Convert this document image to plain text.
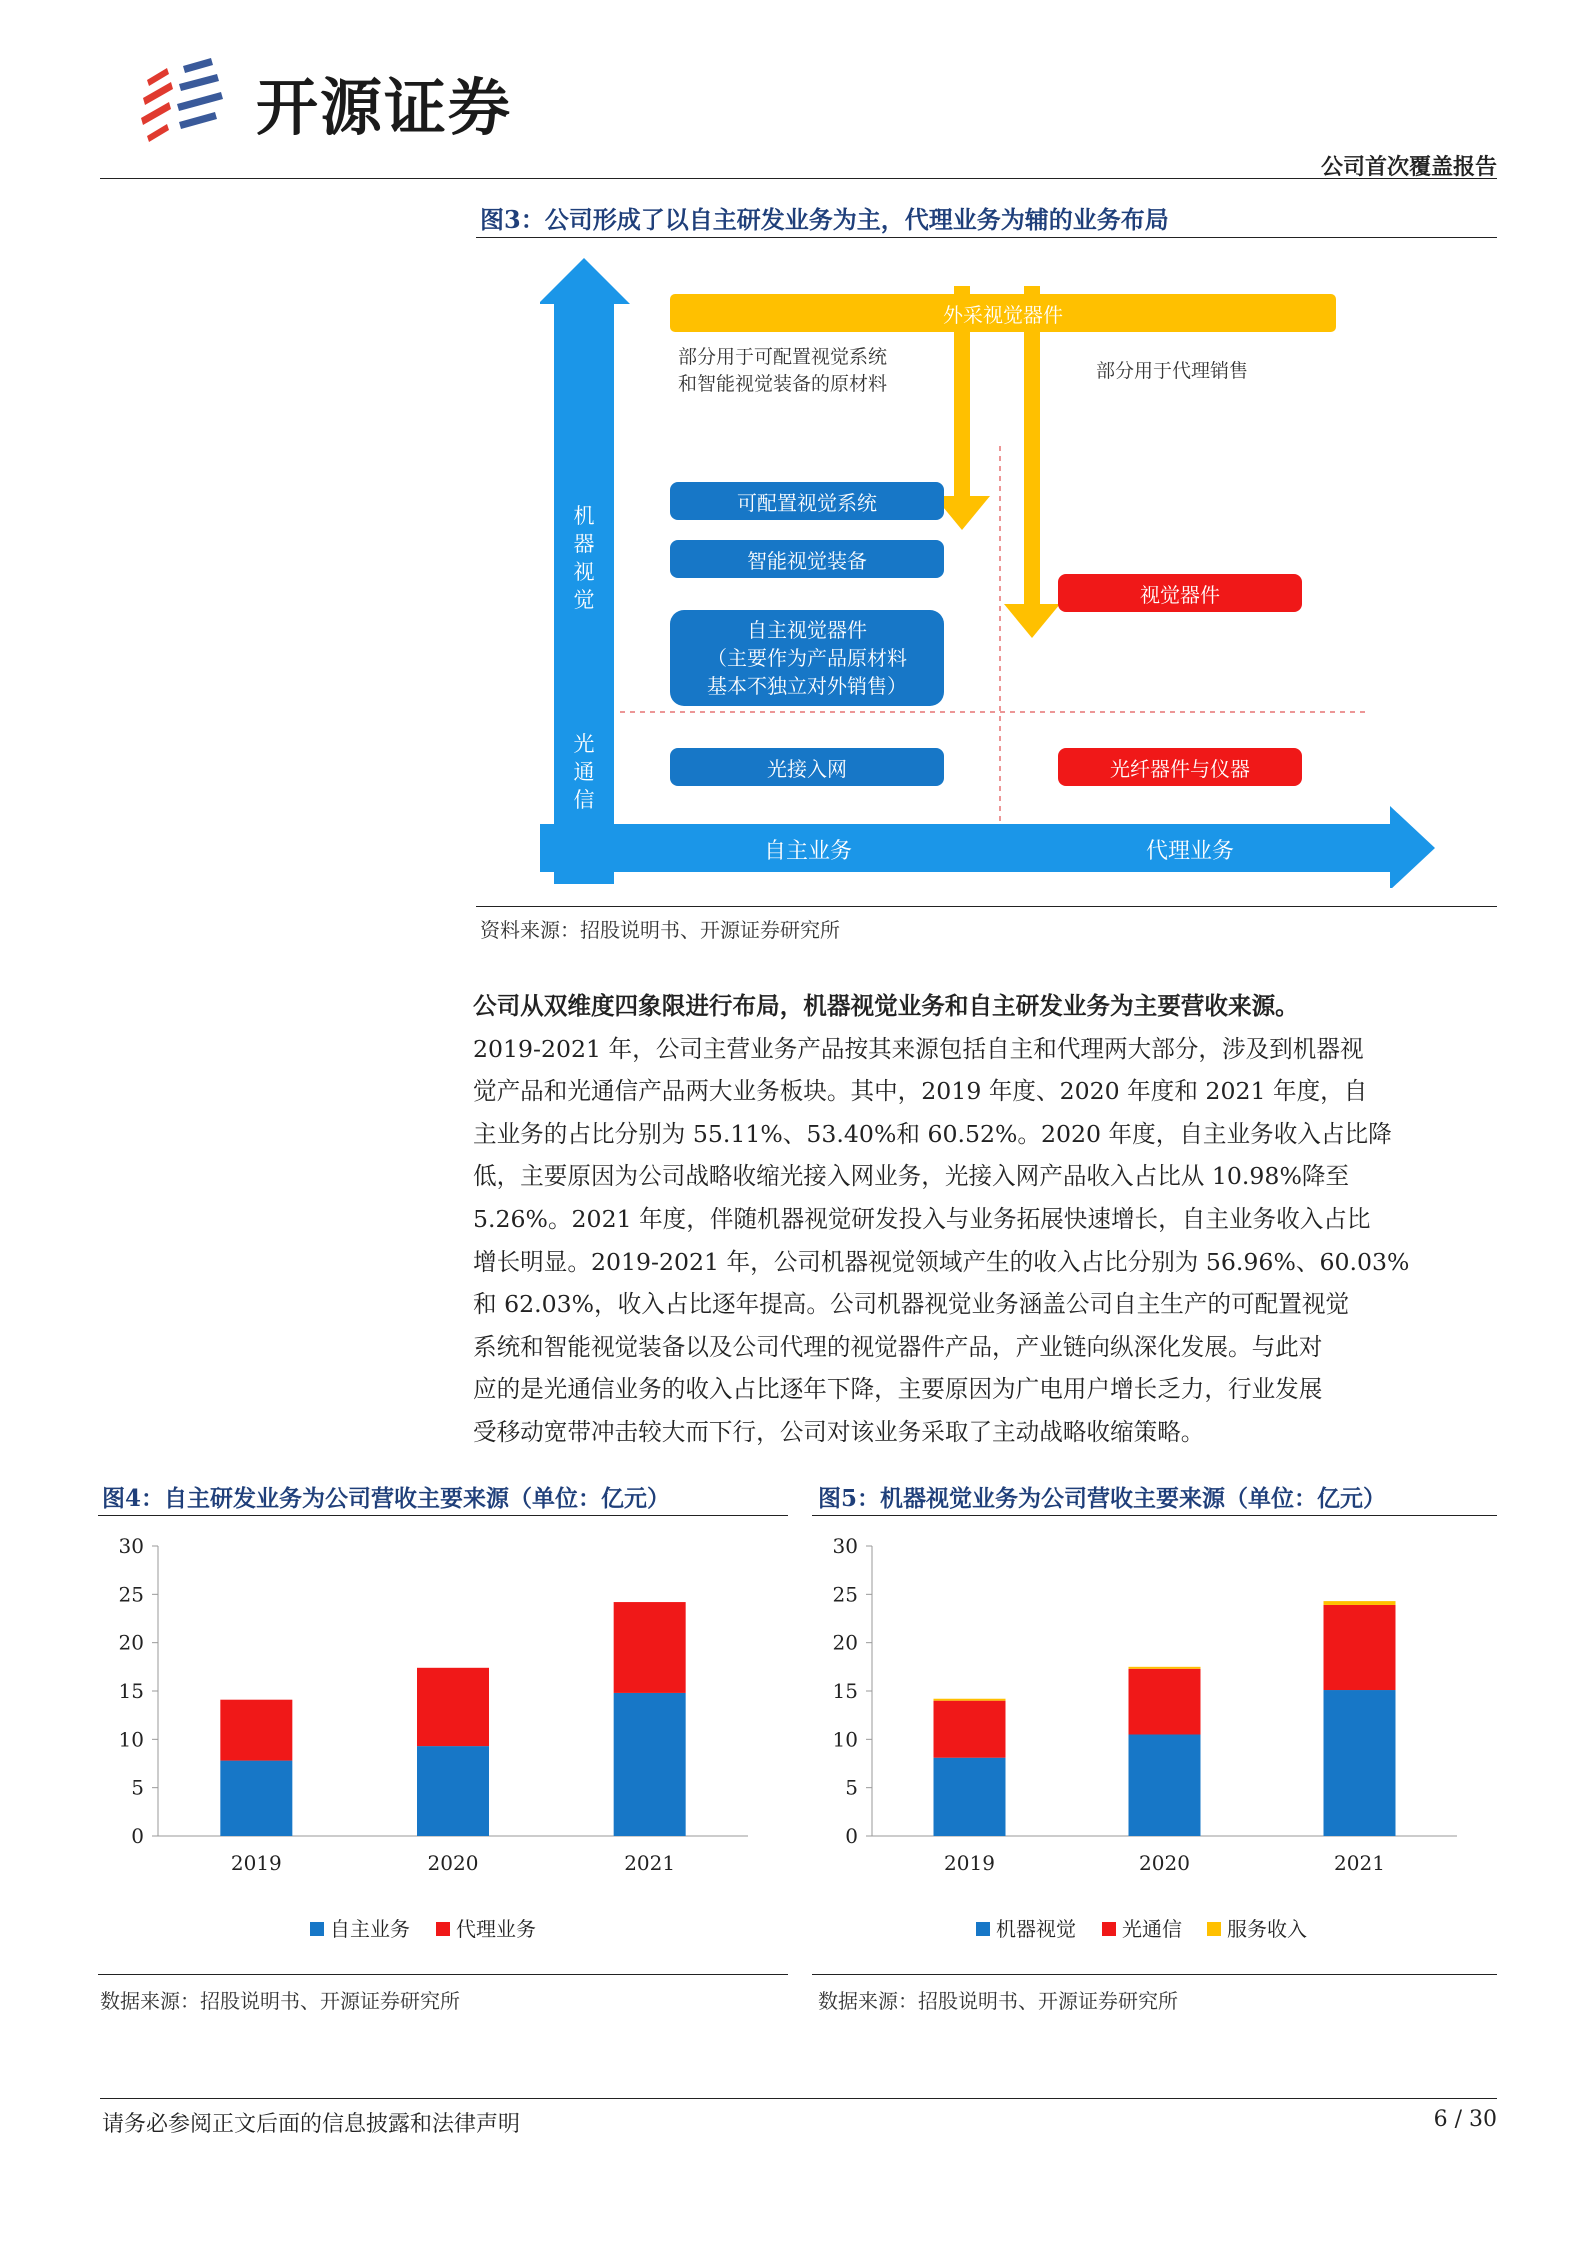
开源证券
公司首次覆盖报告
图3：公司形成了以自主研发业务为主，代理业务为辅的业务布局
外采视觉器件
部分用于可配置视觉系统
和智能视觉装备的原材料
部分用于代理销售
机
器
视
觉
光
通
信
自主业务	代理业务
可配置视觉系统
智能视觉装备
自主视觉器件
（主要作为产品原材料
基本不独立对外销售）
视觉器件
光接入网	光纤器件与仪器
资料来源：招股说明书、开源证券研究所
公司从双维度四象限进行布局，机器视觉业务和自主研发业务为主要营收来源。
2019-2021 年，公司主营业务产品按其来源包括自主和代理两大部分，涉及到机器视
觉产品和光通信产品两大业务板块。其中，2019 年度、2020 年度和 2021 年度，自
主业务的占比分别为 55.11%、53.40%和 60.52%。2020 年度，自主业务收入占比降
低，主要原因为公司战略收缩光接入网业务，光接入网产品收入占比从 10.98%降至
5.26%。2021 年度，伴随机器视觉研发投入与业务拓展快速增长，自主业务收入占比
增长明显。2019-2021 年，公司机器视觉领域产生的收入占比分别为 56.96%、60.03%
和 62.03%，收入占比逐年提高。公司机器视觉业务涵盖公司自主生产的可配置视觉
系统和智能视觉装备以及公司代理的视觉器件产品，产业链向纵深化发展。与此对
应的是光通信业务的收入占比逐年下降，主要原因为广电用户增长乏力，行业发展
受移动宽带冲击较大而下行，公司对该业务采取了主动战略收缩策略。
图4：自主研发业务为公司营收主要来源（单位：亿元）
0
5
10
15
20
25
30
2019	2020	2021
自主业务 代理业务
数据来源：招股说明书、开源证券研究所
图5：机器视觉业务为公司营收主要来源（单位：亿元）
0
5
10
15
20
25
30
2019	2020	2021
机器视觉 光通信 服务收入
数据来源：招股说明书、开源证券研究所
请务必参阅正文后面的信息披露和法律声明	6 / 30
